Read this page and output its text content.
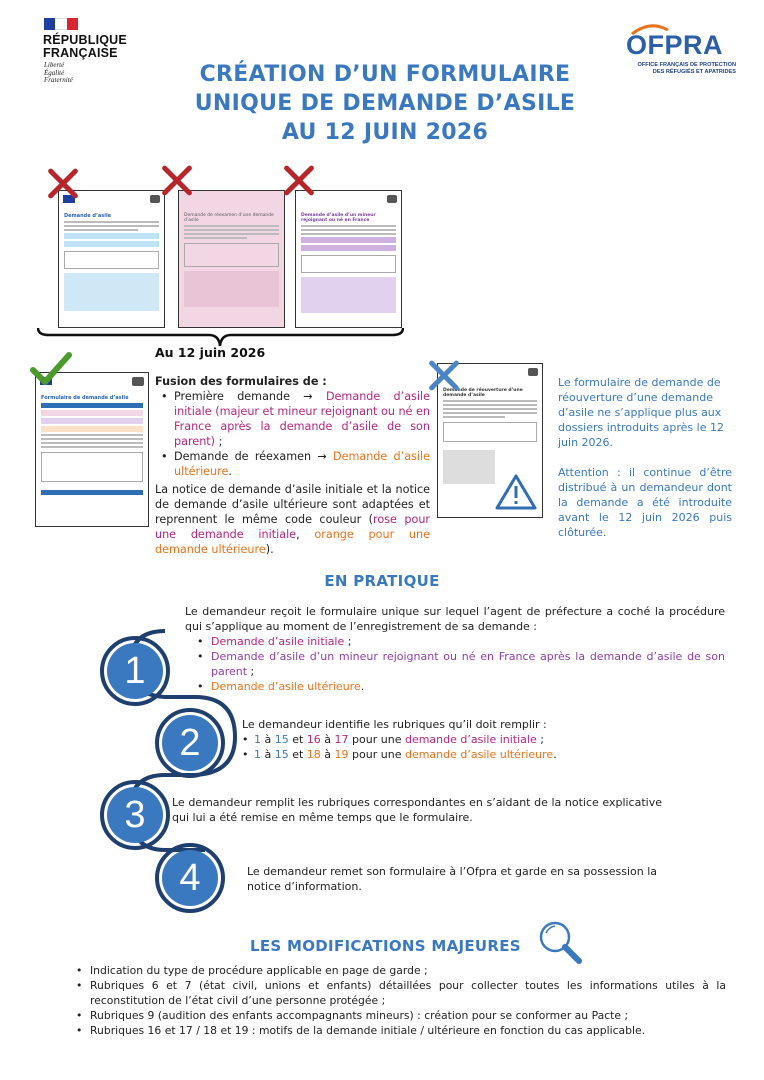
RÉPUBLIQUE
FRANÇAISE
Liberté
Égalité
Fraternité
OFPRA
OFFICE FRANÇAIS DE PROTECTION
DES RÉFUGIÉS ET APATRIDES
CRÉATION D’UN FORMULAIRE
UNIQUE DE DEMANDE D’ASILE
AU 12 JUIN 2026
Demande d’asile	Demande de réexamen d’une demande d’asile
Demande d’asile d’un mineur rejoignant ou né en France
Au 12 juin 2026
Formulaire de demande d’asile
Fusion des formulaires de :
• Première demande → Demande d’asile initiale (majeur et mineur rejoignant ou né en France après la demande d’asile de son parent) ;
• Demande de réexamen → Demande d’asile ultérieure.
La notice de demande d’asile initiale et la notice de demande d’asile ultérieure sont adaptées et reprennent le même code couleur (rose pour une demande initiale, orange pour une demande ultérieure).
Demande de réouverture d’une demande d’asile
Le formulaire de demande de réouverture d’une demande d’asile ne s’applique plus aux dossiers introduits après le 12 juin 2026.
Attention : il continue d’être distribué à un demandeur dont la demande a été introduite avant le 12 juin 2026 puis clôturée.
EN PRATIQUE
1
Le demandeur reçoit le formulaire unique sur lequel l’agent de préfecture a coché la procédure qui s’applique au moment de l’enregistrement de sa demande :
• Demande d’asile initiale ;
• Demande d’asile d’un mineur rejoignant ou né en France après la demande d’asile de son parent ;
• Demande d’asile ultérieure.
2	Le demandeur identifie les rubriques qu’il doit remplir :
• 1 à 15 et 16 à 17 pour une demande d’asile initiale ;
• 1 à 15 et 18 à 19 pour une demande d’asile ultérieure.
3	Le demandeur remplit les rubriques correspondantes en s’aidant de la notice explicative qui lui a été remise en même temps que le formulaire.
4	Le demandeur remet son formulaire à l’Ofpra et garde en sa possession la notice d’information.
LES MODIFICATIONS MAJEURES
• Indication du type de procédure applicable en page de garde ;
• Rubriques 6 et 7 (état civil, unions et enfants) détaillées pour collecter toutes les informations utiles à la reconstitution de l’état civil d’une personne protégée ;
• Rubriques 9 (audition des enfants accompagnants mineurs) : création pour se conformer au Pacte ;
• Rubriques 16 et 17 / 18 et 19 : motifs de la demande initiale / ultérieure en fonction du cas applicable.
